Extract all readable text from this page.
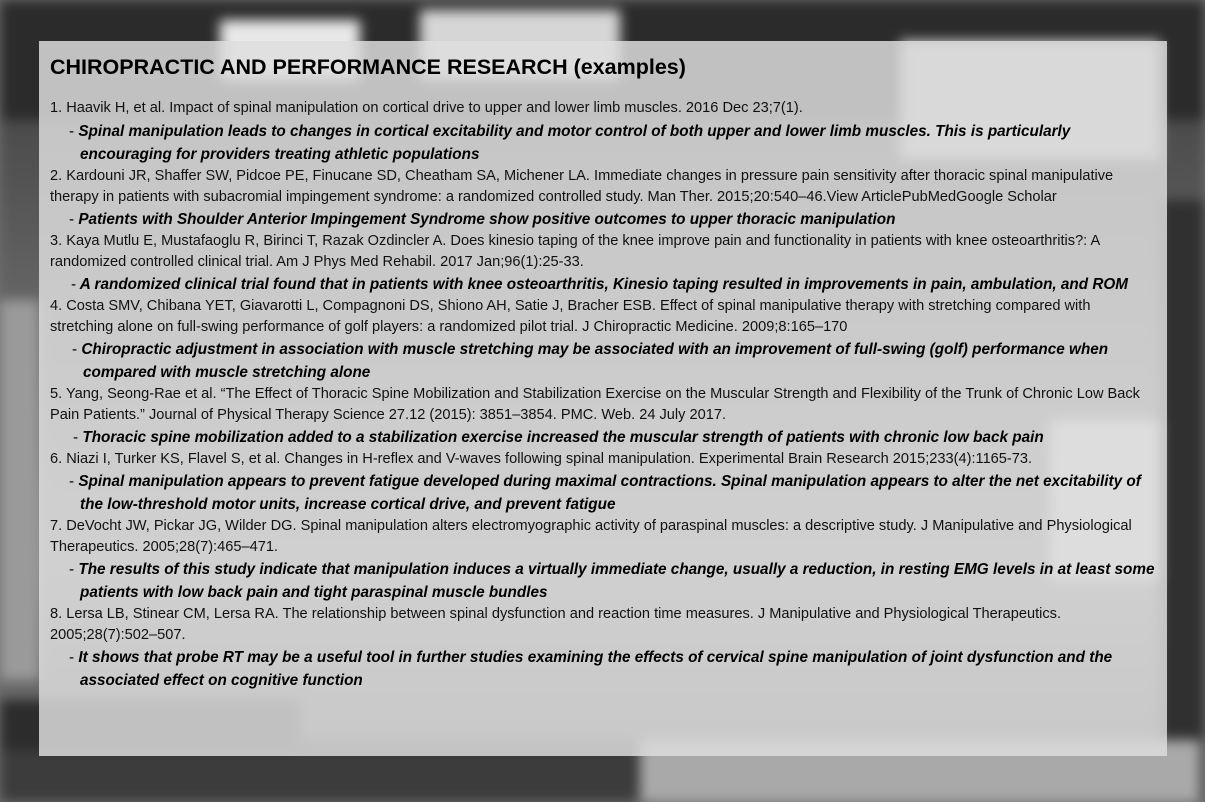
CHIROPRACTIC AND PERFORMANCE RESEARCH (examples)

1. Haavik H, et al. Impact of spinal manipulation on cortical drive to upper and lower limb muscles. 2016 Dec 23;7(1).

- Spinal manipulation leads to changes in cortical excitability and motor control of both upper and lower limb muscles. This is particularly encouraging for providers treating athletic populations

2. Kardouni JR, Shaffer SW, Pidcoe PE, Finucane SD, Cheatham SA, Michener LA. Immediate changes in pressure pain sensitivity after thoracic spinal manipulative therapy in patients with subacromial impingement syndrome: a randomized controlled study. Man Ther. 2015;20:540–46.View ArticlePubMedGoogle Scholar

- Patients with Shoulder Anterior Impingement Syndrome show positive outcomes to upper thoracic manipulation

3. Kaya Mutlu E, Mustafaoglu R, Birinci T, Razak Ozdincler A. Does kinesio taping of the knee improve pain and functionality in patients with knee osteoarthritis?: A randomized controlled clinical trial. Am J Phys Med Rehabil. 2017 Jan;96(1):25-33.

- A randomized clinical trial found that in patients with knee osteoarthritis, Kinesio taping resulted in improvements in pain, ambulation, and ROM

4. Costa SMV, Chibana YET, Giavarotti L, Compagnoni DS, Shiono AH, Satie J, Bracher ESB. Effect of spinal manipulative therapy with stretching compared with stretching alone on full-swing performance of golf players: a randomized pilot trial. J Chiropractic Medicine. 2009;8:165–170

- Chiropractic adjustment in association with muscle stretching may be associated with an improvement of full-swing (golf) performance when compared with muscle stretching alone

5. Yang, Seong-Rae et al. “The Effect of Thoracic Spine Mobilization and Stabilization Exercise on the Muscular Strength and Flexibility of the Trunk of Chronic Low Back Pain Patients.” Journal of Physical Therapy Science 27.12 (2015): 3851–3854. PMC. Web. 24 July 2017.

- Thoracic spine mobilization added to a stabilization exercise increased the muscular strength of patients with chronic low back pain

6. Niazi I, Turker KS, Flavel S, et al. Changes in H-reflex and V-waves following spinal manipulation. Experimental Brain Research 2015;233(4):1165-73.

- Spinal manipulation appears to prevent fatigue developed during maximal contractions. Spinal manipulation appears to alter the net excitability of the low-threshold motor units, increase cortical drive, and prevent fatigue

7. DeVocht JW, Pickar JG, Wilder DG. Spinal manipulation alters electromyographic activity of paraspinal muscles: a descriptive study. J Manipulative and Physiological Therapeutics. 2005;28(7):465–471.

- The results of this study indicate that manipulation induces a virtually immediate change, usually a reduction, in resting EMG levels in at least some patients with low back pain and tight paraspinal muscle bundles

8. Lersa LB, Stinear CM, Lersa RA. The relationship between spinal dysfunction and reaction time measures. J Manipulative and Physiological Therapeutics. 2005;28(7):502–507.

- It shows that probe RT may be a useful tool in further studies examining the effects of cervical spine manipulation of joint dysfunction and the associated effect on cognitive function
